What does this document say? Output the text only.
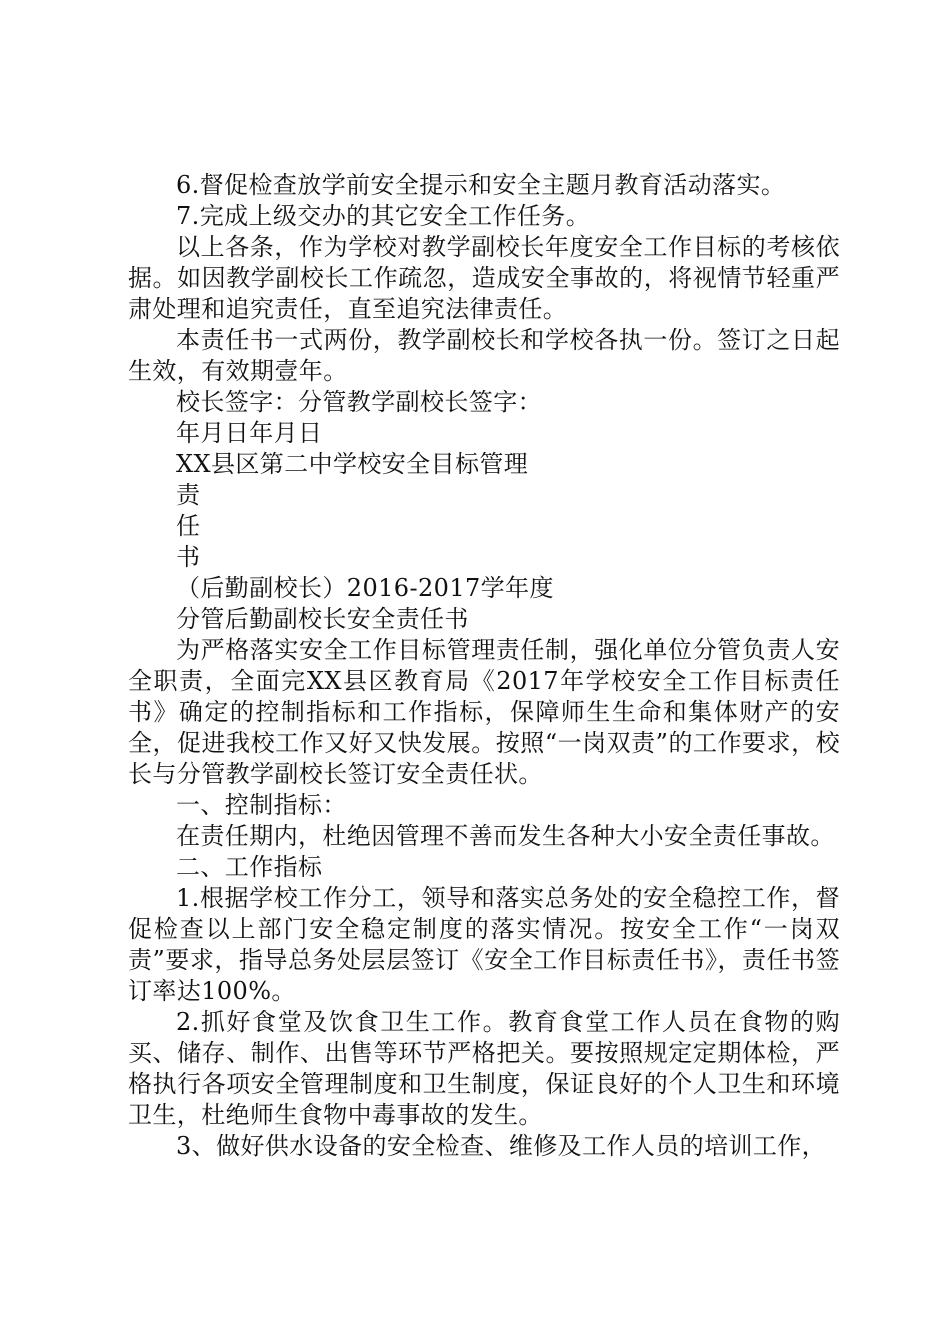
6.督促检查放学前安全提示和安全主题月教育活动落实。

7.完成上级交办的其它安全工作任务。

以上各条，作为学校对教学副校长年度安全工作目标的考核依据。如因教学副校长工作疏忽，造成安全事故的，将视情节轻重严肃处理和追究责任，直至追究法律责任。

本责任书一式两份，教学副校长和学校各执一份。签订之日起生效，有效期壹年。

校长签字：分管教学副校长签字：

年月日年月日

XX县区第二中学校安全目标管理

责

任

书

（后勤副校长）2016-2017学年度

分管后勤副校长安全责任书

为严格落实安全工作目标管理责任制，强化单位分管负责人安全职责，全面完XX县区教育局《2017年学校安全工作目标责任书》确定的控制指标和工作指标，保障师生生命和集体财产的安全，促进我校工作又好又快发展。按照“一岗双责”的工作要求，校长与分管教学副校长签订安全责任状。

一、控制指标：

在责任期内，杜绝因管理不善而发生各种大小安全责任事故。

二、工作指标

1.根据学校工作分工，领导和落实总务处的安全稳控工作，督促检查以上部门安全稳定制度的落实情况。按安全工作“一岗双责”要求，指导总务处层层签订《安全工作目标责任书》，责任书签订率达100%。

2.抓好食堂及饮食卫生工作。教育食堂工作人员在食物的购买、储存、制作、出售等环节严格把关。要按照规定定期体检，严格执行各项安全管理制度和卫生制度，保证良好的个人卫生和环境卫生，杜绝师生食物中毒事故的发生。

3、做好供水设备的安全检查、维修及工作人员的培训工作，
